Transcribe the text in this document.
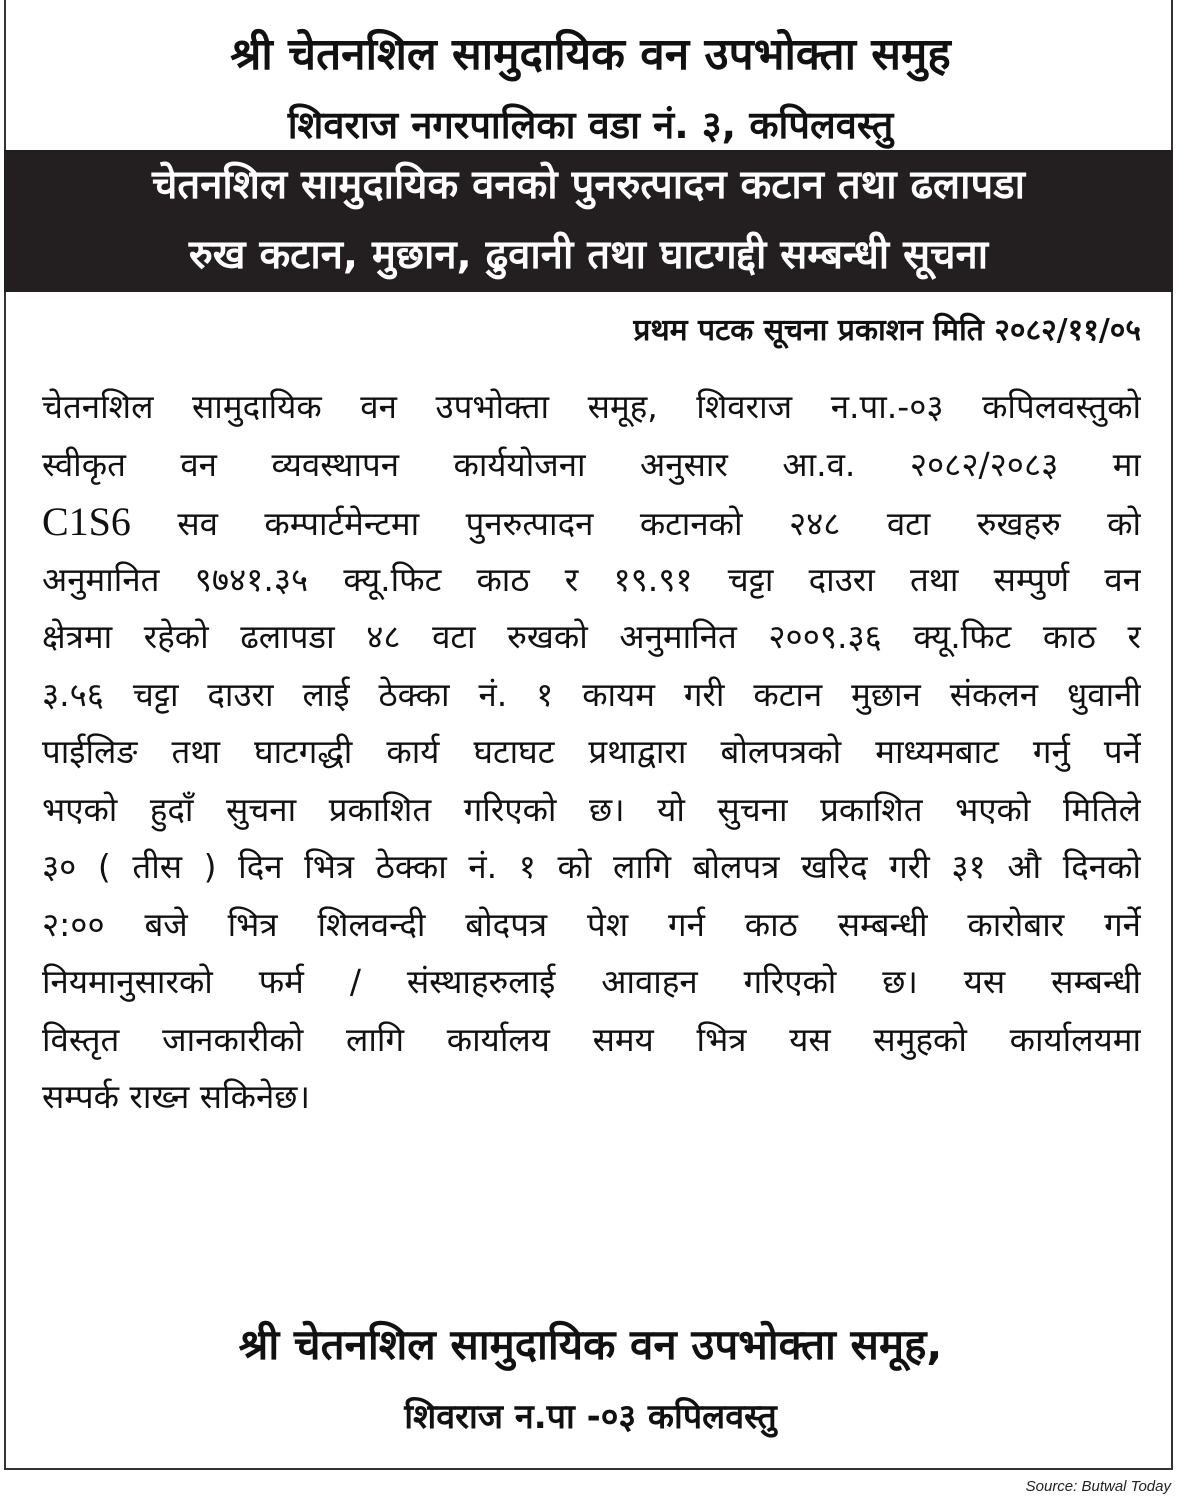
श्री चेतनशिल सामुदायिक वन उपभोक्ता समुह
शिवराज नगरपालिका वडा नं. ३, कपिलवस्तु
चेतनशिल सामुदायिक वनको पुनरुत्पादन कटान तथा ढलापडा
रुख कटान, मुछान, ढुवानी तथा घाटगद्दी सम्बन्धी सूचना
प्रथम पटक सूचना प्रकाशन मिति २०८२/११/०५
चेतनशिल सामुदायिक वन उपभोक्ता समूह, शिवराज न.पा.-०३ कपिलवस्तुको
स्वीकृत वन व्यवस्थापन कार्ययोजना अनुसार आ.व. २०८२/२०८३ मा
C1S6 सव कम्पार्टमेन्टमा पुनरुत्पादन कटानको २४८ वटा रुखहरु को
अनुमानित ९७४१.३५ क्यू.फिट काठ र १९.९१ चट्टा दाउरा तथा सम्पुर्ण वन
क्षेत्रमा रहेको ढलापडा ४८ वटा रुखको अनुमानित २००९.३६ क्यू.फिट काठ र
३.५६ चट्टा दाउरा लाई ठेक्का नं. १ कायम गरी कटान मुछान संकलन धुवानी
पाईलिङ तथा घाटगद्धी कार्य घटाघट प्रथाद्वारा बोलपत्रको माध्यमबाट गर्नु पर्ने
भएको हुदाँ सुचना प्रकाशित गरिएको छ। यो सुचना प्रकाशित भएको मितिले
३० ( तीस ) दिन भित्र ठेक्का नं. १ को लागि बोलपत्र खरिद गरी ३१ औ दिनको
२:०० बजे भित्र शिलवन्दी बोदपत्र पेश गर्न काठ सम्बन्धी कारोबार गर्ने
नियमानुसारको फर्म / संस्थाहरुलाई आवाहन गरिएको छ। यस सम्बन्धी
विस्तृत जानकारीको लागि कार्यालय समय भित्र यस समुहको कार्यालयमा
सम्पर्क राख्न सकिनेछ।
श्री चेतनशिल सामुदायिक वन उपभोक्ता समूह,
शिवराज न.पा -०३ कपिलवस्तु
Source: Butwal Today
